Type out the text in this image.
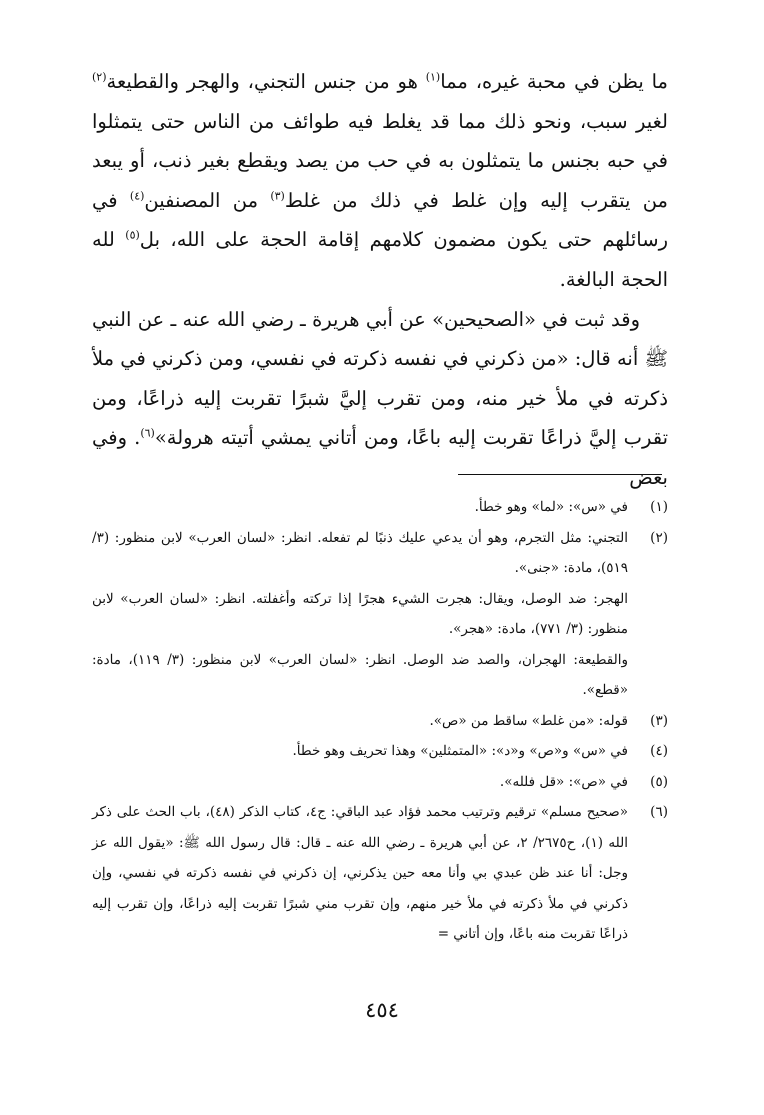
ما يظن في محبة غيره، مما$^{(١)}$ هو من جنس التجني، والهجر والقطيعة$^{(٢)}$ لغير سبب، ونحو ذلك مما قد يغلط فيه طوائف من الناس حتى يتمثلوا في حبه بجنس ما يتمثلون به في حب من يصد ويقطع بغير ذنب، أو يبعد من يتقرب إليه وإن غلط في ذلك من غلط$^{(٣)}$ من المصنفين$^{(٤)}$ في رسائلهم حتى يكون مضمون كلامهم إقامة الحجة على الله، بل$^{(٥)}$ لله الحجة البالغة.

وقد ثبت في «الصحيحين» عن أبي هريرة ـ رضي الله عنه ـ عن النبي ﷺ أنه قال: «من ذكرني في نفسه ذكرته في نفسي، ومن ذكرني في ملأ ذكرته في ملأ خير منه، ومن تقرب إليَّ شبرًا تقربت إليه ذراعًا، ومن تقرب إليَّ ذراعًا تقربت إليه باعًا، ومن أتاني يمشي أتيته هرولة»$^{(٦)}$. وفي بعض

(١)

في «س»: «لما» وهو خطأ.

(٢)

التجني: مثل التجرم، وهو أن يدعي عليك ذنبًا لم تفعله. انظر: «لسان العرب» لابن منظور: (٣/ ٥١٩)، مادة: «جنى».

الهجر: ضد الوصل، ويقال: هجرت الشيء هجرًا إذا تركته وأغفلته. انظر: «لسان العرب» لابن منظور: (٣/ ٧٧١)، مادة: «هجر».

والقطيعة: الهجران، والصد ضد الوصل. انظر: «لسان العرب» لابن منظور: (٣/ ١١٩)، مادة: «قطع».

(٣)

قوله: «من غلط» ساقط من «ص».

(٤)

في «س» و«ص» و«د»: «المتمثلين» وهذا تحريف وهو خطأ.

(٥)

في «ص»: «قل فلله».

(٦)

«صحيح مسلم» ترقيم وترتيب محمد فؤاد عبد الباقي: ج٤، كتاب الذكر (٤٨)، باب الحث على ذكر الله (١)، ح٢٦٧٥/ ٢، عن أبي هريرة ـ رضي الله عنه ـ قال: قال رسول الله ﷺ: «يقول الله عز وجل: أنا عند ظن عبدي بي وأنا معه حين يذكرني، إن ذكرني في نفسه ذكرته في نفسي، وإن ذكرني في ملأ ذكرته في ملأ خير منهم، وإن تقرب مني شبرًا تقربت إليه ذراعًا، وإن تقرب إليه ذراعًا تقربت منه باعًا، وإن أتاني =

٤٥٤
